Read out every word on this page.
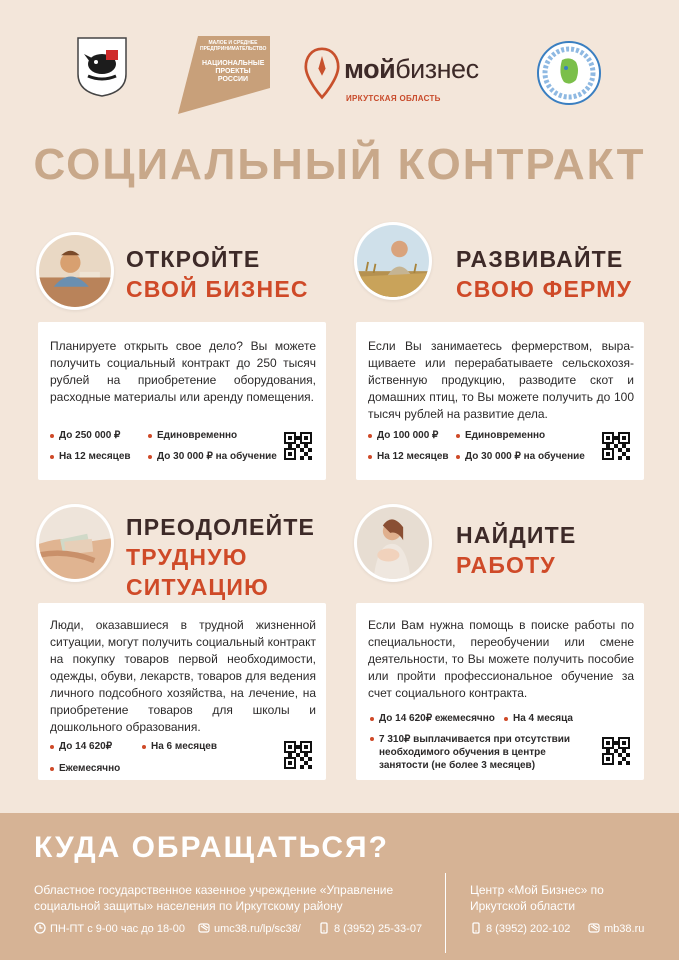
МАЛОЕ И СРЕДНЕЕ ПРЕДПРИНИМАТЕЛЬСТВО
НАЦИОНАЛЬНЫЕ ПРОЕКТЫ РОССИИ	мойбизнес
ИРКУТСКАЯ ОБЛАСТЬ
СОЦИАЛЬНЫЙ КОНТРАКТ
ОТКРОЙТЕ
СВОЙ БИЗНЕС
Планируете открыть свое дело? Вы можете получить социальный контракт до 250 тысяч рублей на приобретение оборудования, расходные материалы или аренду помещения.
До 250 000 ₽	Единовременно
На 12 месяцев	До 30 000 ₽ на обучение
РАЗВИВАЙТЕ
СВОЮ ФЕРМУ
Если Вы занимаетесь фермерством, выращиваете или перерабатываете сельскохозяйственную продукцию, разводите скот и домашних птиц, то Вы можете получить до 100 тысяч рублей на развитие дела.
До 100 000 ₽	Единовременно
На 12 месяцев	До 30 000 ₽ на обучение
ПРЕОДОЛЕЙТЕ
ТРУДНУЮ
СИТУАЦИЮ
Люди, оказавшиеся в трудной жизненной ситуации, могут получить социальный контракт на покупку товаров первой необходимости, одежды, обуви, лекарств, товаров для ведения личного подсобного хозяйства, на лечение, на приобретение товаров для школы и дошкольного образования.
До 14 620₽	На 6 месяцев
Ежемесячно
НАЙДИТЕ
РАБОТУ
Если Вам нужна помощь в поиске работы по специальности, переобучении или смене деятельности, то Вы можете получить пособие или пройти профессиональное обучение за счет социального контракта.
До 14 620₽ ежемесячно	На 4 месяца
7 310₽ выплачивается при отсутствии
необходимого обучения в центре
занятости (не более 3 месяцев)
КУДА ОБРАЩАТЬСЯ?
Областное государственное казенное учреждение «Управление социальной защиты» населения по Иркутскому району
Центр «Мой Бизнес» по Иркутской области
ПН-ПТ с 9-00 час до 18-00	umc38.ru/lp/sc38/	8 (3952) 25-33-07	8 (3952) 202-102	mb38.ru
